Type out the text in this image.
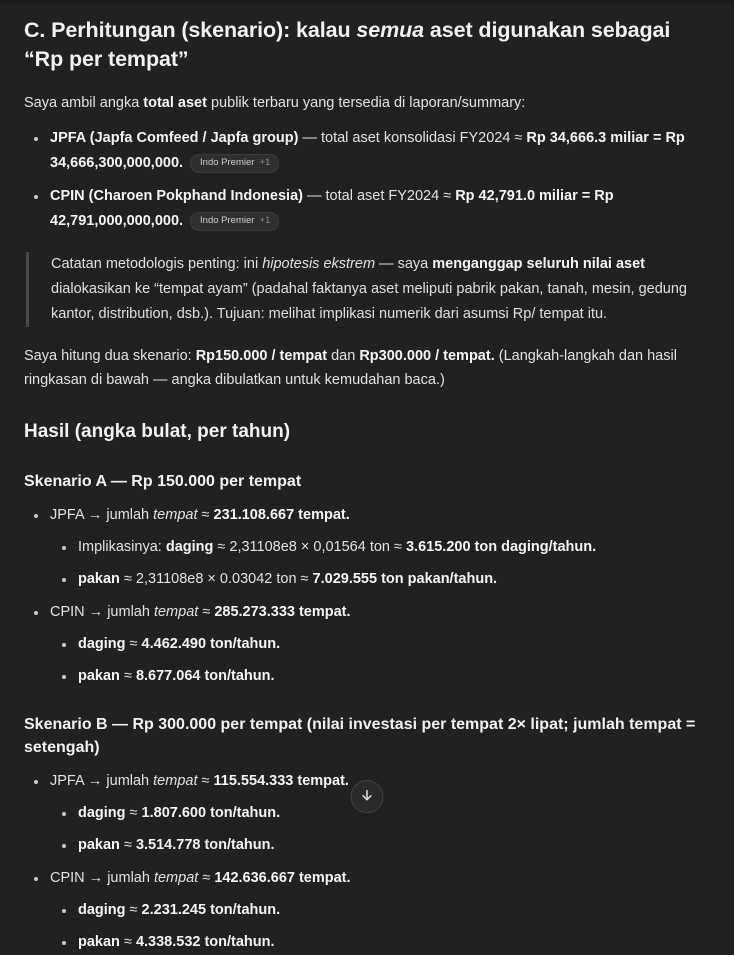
C. Perhitungan (skenario): kalau semua aset digunakan sebagai “Rp per tempat”

Saya ambil angka total aset publik terbaru yang tersedia di laporan/summary:

JPFA (Japfa Comfeed / Japfa group) — total aset konsolidasi FY2024 ≈ Rp 34,666.3 miliar = Rp 34,666,300,000,000. Indo Premier +1
CPIN (Charoen Pokphand Indonesia) — total aset FY2024 ≈ Rp 42,791.0 miliar = Rp 42,791,000,000,000. Indo Premier +1

Catatan metodologis penting: ini hipotesis ekstrem — saya menganggap seluruh nilai aset dialokasikan ke “tempat ayam” (padahal faktanya aset meliputi pabrik pakan, tanah, mesin, gedung kantor, distribution, dsb.). Tujuan: melihat implikasi numerik dari asumsi Rp/ tempat itu.

Saya hitung dua skenario: Rp150.000 / tempat dan Rp300.000 / tempat. (Langkah-langkah dan hasil ringkasan di bawah — angka dibulatkan untuk kemudahan baca.)

Hasil (angka bulat, per tahun)
Skenario A — Rp 150.000 per tempat
JPFA → jumlah tempat ≈ 231.108.667 tempat.
Implikasinya: daging ≈ 2,31108e8 × 0,01564 ton ≈ 3.615.200 ton daging/tahun.
pakan ≈ 2,31108e8 × 0.03042 ton ≈ 7.029.555 ton pakan/tahun.
CPIN → jumlah tempat ≈ 285.273.333 tempat.
daging ≈ 4.462.490 ton/tahun.
pakan ≈ 8.677.064 ton/tahun.
Skenario B — Rp 300.000 per tempat (nilai investasi per tempat 2× lipat; jumlah tempat = setengah)
JPFA → jumlah tempat ≈ 115.554.333 tempat.
daging ≈ 1.807.600 ton/tahun.
pakan ≈ 3.514.778 ton/tahun.
CPIN → jumlah tempat ≈ 142.636.667 tempat.
daging ≈ 2.231.245 ton/tahun.
pakan ≈ 4.338.532 ton/tahun.
